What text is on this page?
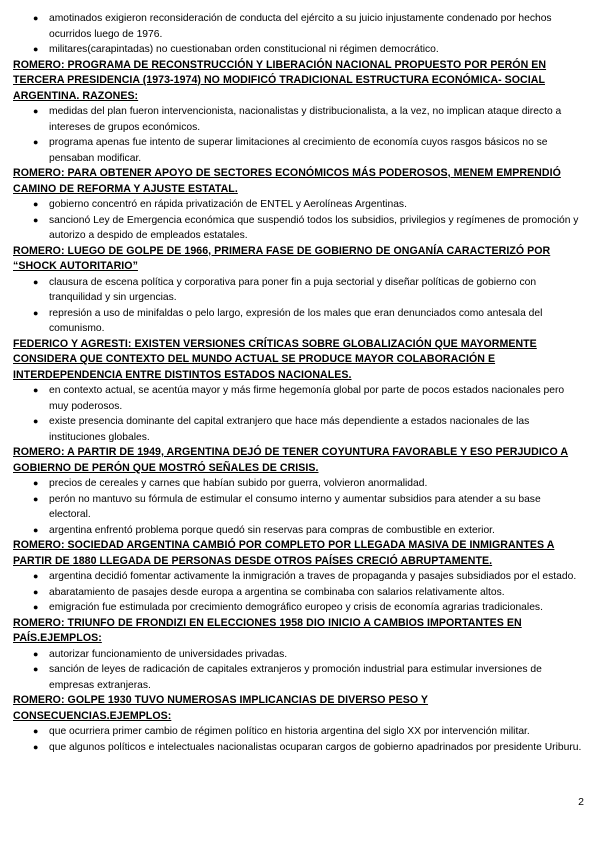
● amotinados exigieron reconsideración de conducta del ejército a su juicio injustamente condenado por hechos ocurridos luego de 1976.
● militares(carapintadas) no cuestionaban orden constitucional ni régimen democrático.

ROMERO: PROGRAMA DE RECONSTRUCCIÓN Y LIBERACIÓN NACIONAL PROPUESTO POR PERÓN EN TERCERA PRESIDENCIA (1973-1974) NO MODIFICÓ TRADICIONAL ESTRUCTURA ECONÓMICA- SOCIAL ARGENTINA. RAZONES:

● medidas del plan fueron intervencionista, nacionalistas y distribucionalista, a la vez, no implican ataque directo a intereses de grupos económicos.
● programa apenas fue intento de superar limitaciones al crecimiento de economía cuyos rasgos básicos no se pensaban modificar.

ROMERO: PARA OBTENER APOYO DE SECTORES ECONÓMICOS MÁS PODEROSOS, MENEM EMPRENDIÓ CAMINO DE REFORMA Y AJUSTE ESTATAL.

● gobierno concentró en rápida privatización de ENTEL y Aerolíneas Argentinas.
● sancionó Ley de Emergencia económica que suspendió todos los subsidios, privilegios y regímenes de promoción y autorizo a despido de empleados estatales.

ROMERO: LUEGO DE GOLPE DE 1966, PRIMERA FASE DE GOBIERNO DE ONGANÍA CARACTERIZÓ POR “SHOCK AUTORITARIO”

● clausura de escena política y corporativa para poner fin a puja sectorial y diseñar políticas de gobierno con tranquilidad y sin urgencias.
● represión a uso de minifaldas o pelo largo, expresión de los males que eran denunciados como antesala del comunismo.

FEDERICO Y AGRESTI: EXISTEN VERSIONES CRÍTICAS SOBRE GLOBALIZACIÓN QUE MAYORMENTE CONSIDERA QUE CONTEXTO DEL MUNDO ACTUAL SE PRODUCE MAYOR COLABORACIÓN E INTERDEPENDENCIA ENTRE DISTINTOS ESTADOS NACIONALES.

● en contexto actual, se acentúa mayor y más firme hegemonía global por parte de pocos estados nacionales pero muy poderosos.
● existe presencia dominante del capital extranjero que hace más dependiente a estados nacionales de las instituciones globales.

ROMERO: A PARTIR DE 1949, ARGENTINA DEJÓ DE TENER COYUNTURA FAVORABLE Y ESO PERJUDICO A GOBIERNO DE PERÓN QUE MOSTRÓ SEÑALES DE CRISIS.

● precios de cereales y carnes que habían subido por guerra, volvieron anormalidad.
● perón no mantuvo su fórmula de estimular el consumo interno y aumentar subsidios para atender a su base electoral.
● argentina enfrentó problema porque quedó sin reservas para compras de combustible en exterior.

ROMERO: SOCIEDAD ARGENTINA CAMBIÓ POR COMPLETO POR LLEGADA MASIVA DE INMIGRANTES A PARTIR DE 1880 LLEGADA DE PERSONAS DESDE OTROS PAÍSES CRECIÓ ABRUPTAMENTE.

● argentina decidió fomentar activamente la inmigración a traves de propaganda y pasajes subsidiados por el estado.
● abaratamiento de pasajes desde europa a argentina se combinaba con salarios relativamente altos.
● emigración fue estimulada por crecimiento demográfico europeo y crisis de economía agrarias tradicionales.

ROMERO: TRIUNFO DE FRONDIZI EN ELECCIONES 1958 DIO INICIO A CAMBIOS IMPORTANTES EN PAÍS.EJEMPLOS:

● autorizar funcionamiento de universidades privadas.
● sanción de leyes de radicación de capitales extranjeros y promoción industrial para estimular inversiones de empresas extranjeras.

ROMERO: GOLPE 1930 TUVO NUMEROSAS IMPLICANCIAS DE DIVERSO PESO Y CONSECUENCIAS.EJEMPLOS:

● que ocurriera primer cambio de régimen político en historia argentina del siglo XX por intervención militar.
● que algunos políticos e intelectuales nacionalistas ocuparan cargos de gobierno apadrinados por presidente Uriburu.
2
